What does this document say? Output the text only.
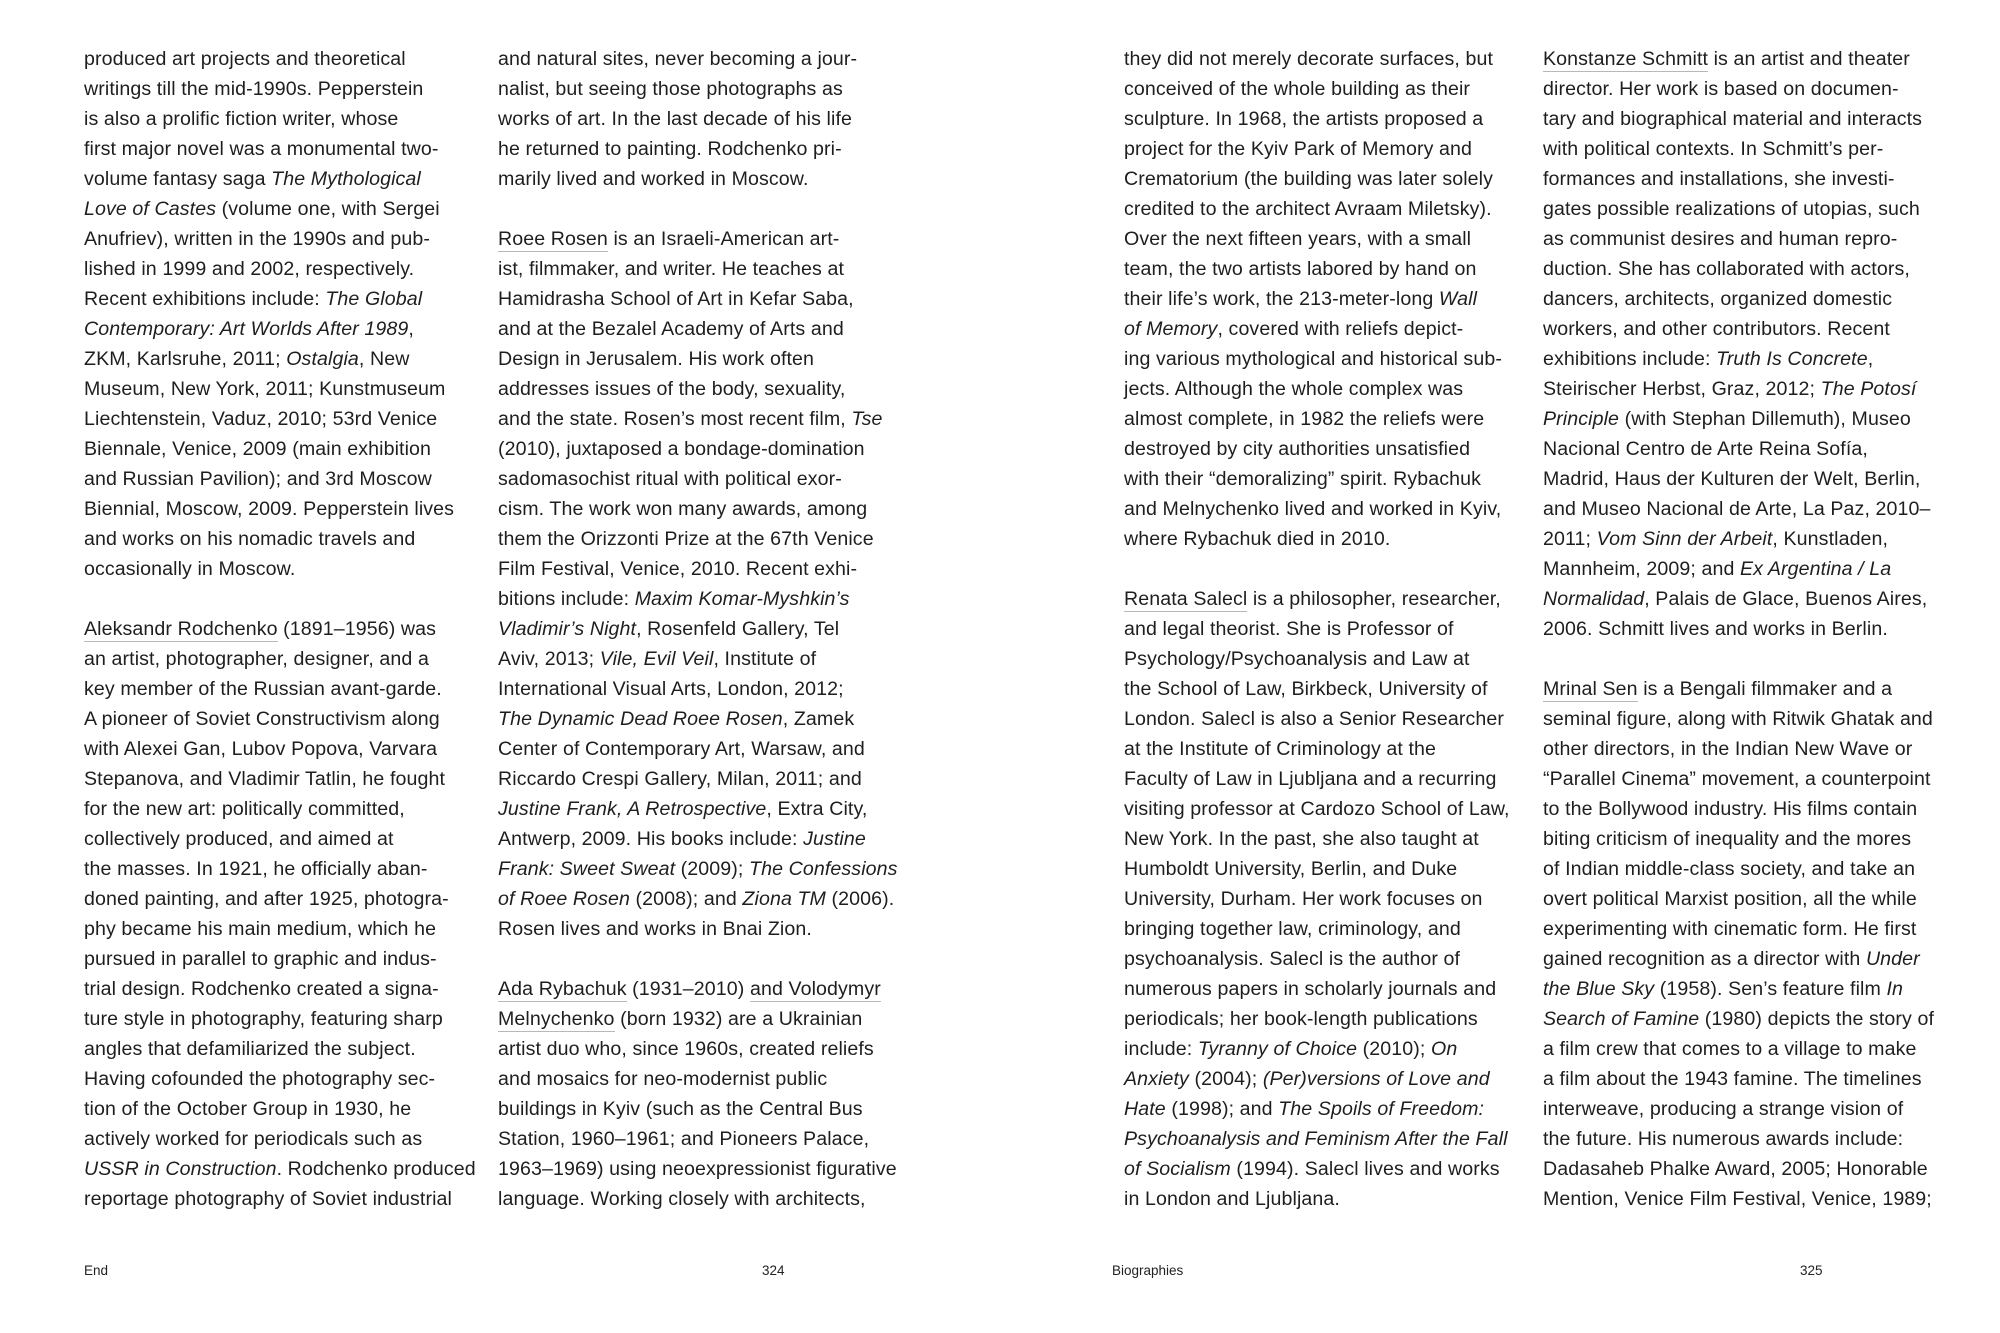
produced art projects and theoretical
writings till the mid-1990s. Pepperstein
is also a prolific fiction writer, whose
first major novel was a monumental two-
volume fantasy saga The Mythological
Love of Castes (volume one, with Sergei
Anufriev), written in the 1990s and pub-
lished in 1999 and 2002, respectively.
Recent exhibitions include: The Global
Contemporary: Art Worlds After 1989,
ZKM, Karlsruhe, 2011; Ostalgia, New
Museum, New York, 2011; Kunstmuseum
Liechtenstein, Vaduz, 2010; 53rd Venice
Biennale, Venice, 2009 (main exhibition
and Russian Pavilion); and 3rd Moscow
Biennial, Moscow, 2009. Pepperstein lives
and works on his nomadic travels and
occasionally in Moscow.
Aleksandr Rodchenko (1891–1956) was
an artist, photographer, designer, and a
key member of the Russian avant-garde.
A pioneer of Soviet Constructivism along
with Alexei Gan, Lubov Popova, Varvara
Stepanova, and Vladimir Tatlin, he fought
for the new art: politically committed,
collectively produced, and aimed at
the masses. In 1921, he officially aban-
doned painting, and after 1925, photogra-
phy became his main medium, which he
pursued in parallel to graphic and indus-
trial design. Rodchenko created a signa-
ture style in photography, featuring sharp
angles that defamiliarized the subject.
Having cofounded the photography sec-
tion of the October Group in 1930, he
actively worked for periodicals such as
USSR in Construction. Rodchenko produced
reportage photography of Soviet industrial
and natural sites, never becoming a jour-
nalist, but seeing those photographs as
works of art. In the last decade of his life
he returned to painting. Rodchenko pri-
marily lived and worked in Moscow.
Roee Rosen is an Israeli-American art-
ist, filmmaker, and writer. He teaches at
Hamidrasha School of Art in Kefar Saba,
and at the Bezalel Academy of Arts and
Design in Jerusalem. His work often
addresses issues of the body, sexuality,
and the state. Rosen’s most recent film, Tse
(2010), juxtaposed a bondage-domination
sadomasochist ritual with political exor-
cism. The work won many awards, among
them the Orizzonti Prize at the 67th Venice
Film Festival, Venice, 2010. Recent exhi-
bitions include: Maxim Komar-Myshkin’s
Vladimir’s Night, Rosenfeld Gallery, Tel
Aviv, 2013; Vile, Evil Veil, Institute of
International Visual Arts, London, 2012;
The Dynamic Dead Roee Rosen, Zamek
Center of Contemporary Art, Warsaw, and
Riccardo Crespi Gallery, Milan, 2011; and
Justine Frank, A Retrospective, Extra City,
Antwerp, 2009. His books include: Justine
Frank: Sweet Sweat (2009); The Confessions
of Roee Rosen (2008); and Ziona TM (2006).
Rosen lives and works in Bnai Zion.
Ada Rybachuk (1931–2010) and Volodymyr
Melnychenko (born 1932) are a Ukrainian
artist duo who, since 1960s, created reliefs
and mosaics for neo-modernist public
buildings in Kyiv (such as the Central Bus
Station, 1960–1961; and Pioneers Palace,
1963–1969) using neoexpressionist figurative
language. Working closely with architects,
End	324
they did not merely decorate surfaces, but
conceived of the whole building as their
sculpture. In 1968, the artists proposed a
project for the Kyiv Park of Memory and
Crematorium (the building was later solely
credited to the architect Avraam Miletsky).
Over the next fifteen years, with a small
team, the two artists labored by hand on
their life’s work, the 213-meter-long Wall
of Memory, covered with reliefs depict-
ing various mythological and historical sub-
jects. Although the whole complex was
almost complete, in 1982 the reliefs were
destroyed by city authorities unsatisfied
with their “demoralizing” spirit. Rybachuk
and Melnychenko lived and worked in Kyiv,
where Rybachuk died in 2010.
Renata Salecl is a philosopher, researcher,
and legal theorist. She is Professor of
Psychology/Psychoanalysis and Law at
the School of Law, Birkbeck, University of
London. Salecl is also a Senior Researcher
at the Institute of Criminology at the
Faculty of Law in Ljubljana and a recurring
visiting professor at Cardozo School of Law,
New York. In the past, she also taught at
Humboldt University, Berlin, and Duke
University, Durham. Her work focuses on
bringing together law, criminology, and
psychoanalysis. Salecl is the author of
numerous papers in scholarly journals and
periodicals; her book-length publications
include: Tyranny of Choice (2010); On
Anxiety (2004); (Per)versions of Love and
Hate (1998); and The Spoils of Freedom:
Psychoanalysis and Feminism After the Fall
of Socialism (1994). Salecl lives and works
in London and Ljubljana.
Konstanze Schmitt is an artist and theater
director. Her work is based on documen-
tary and biographical material and interacts
with political contexts. In Schmitt’s per-
formances and installations, she investi-
gates possible realizations of utopias, such
as communist desires and human repro-
duction. She has collaborated with actors,
dancers, architects, organized domestic
workers, and other contributors. Recent
exhibitions include: Truth Is Concrete,
Steirischer Herbst, Graz, 2012; The Potosí
Principle (with Stephan Dillemuth), Museo
Nacional Centro de Arte Reina Sofía,
Madrid, Haus der Kulturen der Welt, Berlin,
and Museo Nacional de Arte, La Paz, 2010–
2011; Vom Sinn der Arbeit, Kunstladen,
Mannheim, 2009; and Ex Argentina / La
Normalidad, Palais de Glace, Buenos Aires,
2006. Schmitt lives and works in Berlin.
Mrinal Sen is a Bengali filmmaker and a
seminal figure, along with Ritwik Ghatak and
other directors, in the Indian New Wave or
“Parallel Cinema” movement, a counterpoint
to the Bollywood industry. His films contain
biting criticism of inequality and the mores
of Indian middle-class society, and take an
overt political Marxist position, all the while
experimenting with cinematic form. He first
gained recognition as a director with Under
the Blue Sky (1958). Sen’s feature film In
Search of Famine (1980) depicts the story of
a film crew that comes to a village to make
a film about the 1943 famine. The timelines
interweave, producing a strange vision of
the future. His numerous awards include:
Dadasaheb Phalke Award, 2005; Honorable
Mention, Venice Film Festival, Venice, 1989;
Biographies	325
